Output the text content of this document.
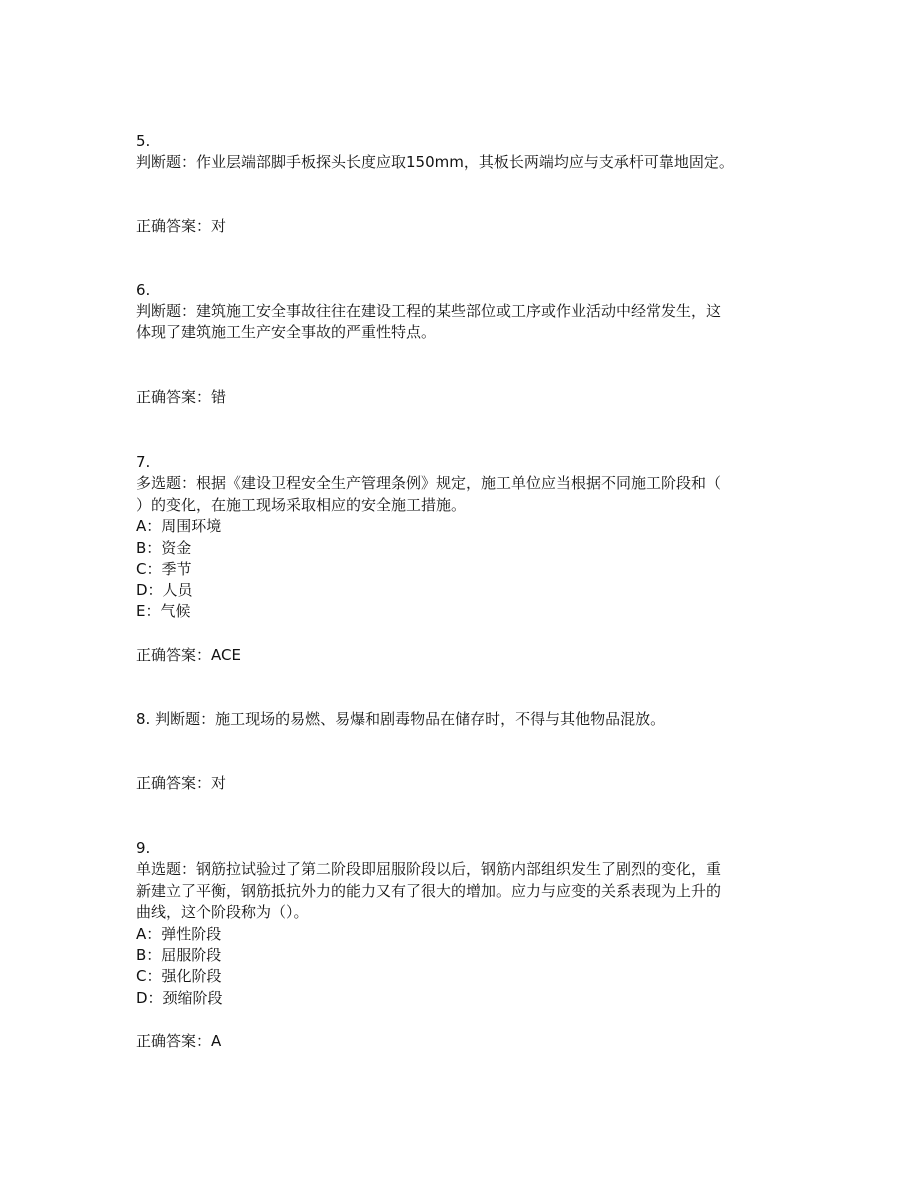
5.
判断题：作业层端部脚手板探头长度应取150mm，其板长两端均应与支承杆可靠地固定。
正确答案：对
6.
判断题：建筑施工安全事故往往在建设工程的某些部位或工序或作业活动中经常发生，这
体现了建筑施工生产安全事故的严重性特点。
正确答案：错
7.
多选题：根据《建设卫程安全生产管理条例》规定，施工单位应当根据不同施工阶段和（
）的变化，在施工现场采取相应的安全施工措施。
A：周围环境
B：资金
C：季节
D：人员
E：气候
正确答案：ACE
8. 判断题：施工现场的易燃、易爆和剧毒物品在储存时，不得与其他物品混放。
正确答案：对
9.
单选题：钢筋拉试验过了第二阶段即屈服阶段以后，钢筋内部组织发生了剧烈的变化，重
新建立了平衡，钢筋抵抗外力的能力又有了很大的增加。应力与应变的关系表现为上升的
曲线，这个阶段称为（）。
A：弹性阶段
B：屈服阶段
C：强化阶段
D：颈缩阶段
正确答案：A
